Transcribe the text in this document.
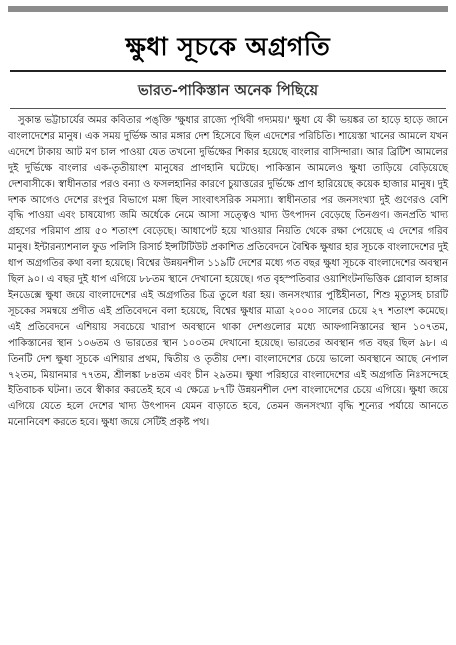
ক্ষুধা সূচকে অগ্রগতি
ভারত-পাকিস্তান অনেক পিছিয়ে

সুকান্ত ভট্টাচার্যের অমর কবিতার পঙ্‌ক্তি 'ক্ষুধার রাজ্যে পৃথিবী গদ্যময়।' ক্ষুধা যে কী ভয়ঙ্কর তা হাড়ে হাড়ে জানে বাংলাদেশের মানুষ। এক সময় দুর্ভিক্ষ আর মঙ্গার দেশ হিসেবে ছিল এদেশের পরিচিতি। শায়েস্তা খানের আমলে যখন এদেশে টাকায় আট মণ চাল পাওয়া যেত তখনো দুর্ভিক্ষের শিকার হয়েছে বাংলার বাসিন্দারা। আর ব্রিটিশ আমলের দুই দুর্ভিক্ষে বাংলার এক-তৃতীয়াংশ মানুষের প্রাণহানি ঘটেছে। পাকিস্তান আমলেও ক্ষুধা তাড়িয়ে বেড়িয়েছে দেশবাসীকে। স্বাধীনতার পরও বন্যা ও ফসলহানির কারণে চুয়াত্তরের দুর্ভিক্ষে প্রাণ হারিয়েছে কয়েক হাজার মানুষ। দুই দশক আগেও দেশের রংপুর বিভাগে মঙ্গা ছিল সাংবাৎসরিক সমস্যা। স্বাধীনতার পর জনসংখ্যা দুই গুণেরও বেশি বৃদ্ধি পাওয়া এবং চাষযোগ্য জমি অর্ধেকে নেমে আসা সত্ত্বেও খাদ্য উৎপাদন বেড়েছে তিনগুণ। জনপ্রতি খাদ্য গ্রহণের পরিমাণ প্রায় ৫০ শতাংশ বেড়েছে। আধাপেট হয়ে খাওয়ার নিয়তি থেকে রক্ষা পেয়েছে এ দেশের গরিব মানুষ। ইন্টারন্যাশনাল ফুড পলিসি রিসার্চ ইন্সটিটিউট প্রকাশিত প্রতিবেদনে বৈশ্বিক ক্ষুধার হার সূচকে বাংলাদেশের দুই ধাপ অগ্রগতির কথা বলা হয়েছে। বিশ্বের উন্নয়নশীল ১১৯টি দেশের মধ্যে গত বছর ক্ষুধা সূচকে বাংলাদেশের অবস্থান ছিল ৯০। এ বছর দুই ধাপ এগিয়ে ৮৮তম স্থানে দেখানো হয়েছে। গত বৃহস্পতিবার ওয়াশিংটনভিত্তিক গ্লোবাল হাঙ্গার ইনডেক্সে ক্ষুধা জয়ে বাংলাদেশের এই অগ্রগতির চিত্র তুলে ধরা হয়। জনসংখ্যার পুষ্টিহীনতা, শিশু মৃত্যুসহ চারটি সূচকের সমন্বয়ে প্রণীত এই প্রতিবেদনে বলা হয়েছে, বিশ্বের ক্ষুধার মাত্রা ২০০০ সালের চেয়ে ২৭ শতাংশ কমেছে। এই প্রতিবেদনে এশিয়ায় সবচেয়ে খারাপ অবস্থানে থাকা দেশগুলোর মধ্যে আফগানিস্তানের স্থান ১০৭তম, পাকিস্তানের স্থান ১০৬তম ও ভারতের স্থান ১০০তম দেখানো হয়েছে। ভারতের অবস্থান গত বছর ছিল ৯৮। এ তিনটি দেশ ক্ষুধা সূচকে এশিয়ার প্রথম, দ্বিতীয় ও তৃতীয় দেশ। বাংলাদেশের চেয়ে ভালো অবস্থানে আছে নেপাল ৭২তম, মিয়ানমার ৭৭তম, শ্রীলঙ্কা ৮৪তম এবং চীন ২৯তম। ক্ষুধা পরিহারে বাংলাদেশের এই অগ্রগতি নিঃসন্দেহে ইতিবাচক ঘটনা। তবে স্বীকার করতেই হবে এ ক্ষেত্রে ৮৭টি উন্নয়নশীল দেশ বাংলাদেশের চেয়ে এগিয়ে। ক্ষুধা জয়ে এগিয়ে যেতে হলে দেশের খাদ্য উৎপাদন যেমন বাড়াতে হবে, তেমন জনসংখ্যা বৃদ্ধি শূন্যের পর্যায়ে আনতে মনোনিবেশ করতে হবে। ক্ষুধা জয়ে সেটিই প্রকৃষ্ট পথ।
